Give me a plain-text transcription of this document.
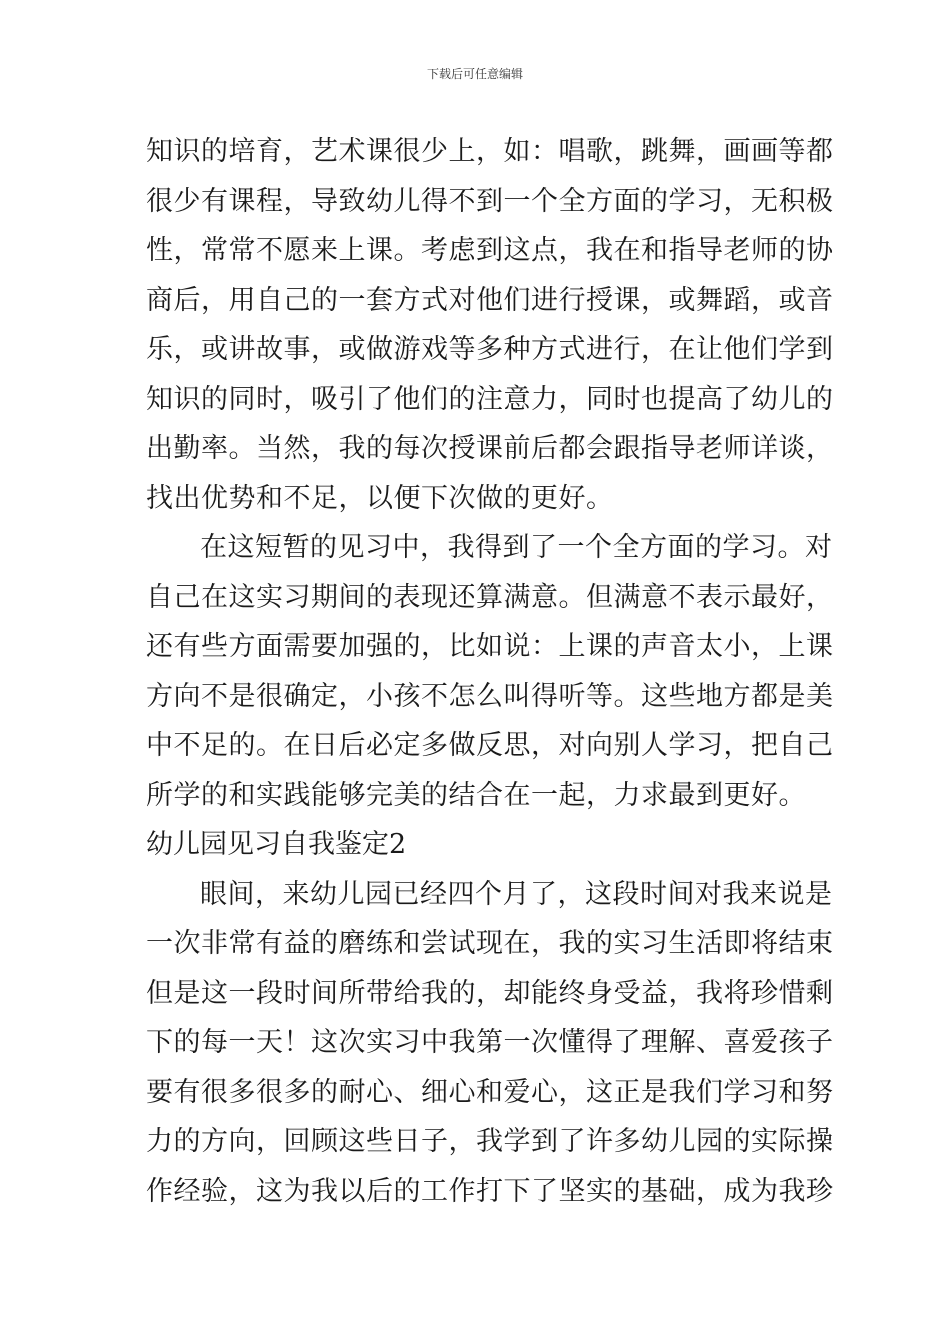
下载后可任意编辑
知识的培育，艺术课很少上，如：唱歌，跳舞，画画等都
很少有课程，导致幼儿得不到一个全方面的学习，无积极
性，常常不愿来上课。考虑到这点，我在和指导老师的协
商后，用自己的一套方式对他们进行授课，或舞蹈，或音
乐，或讲故事，或做游戏等多种方式进行，在让他们学到
知识的同时，吸引了他们的注意力，同时也提高了幼儿的
出勤率。当然，我的每次授课前后都会跟指导老师详谈，
找出优势和不足，以便下次做的更好。
在这短暂的见习中，我得到了一个全方面的学习。对
自己在这实习期间的表现还算满意。但满意不表示最好，
还有些方面需要加强的，比如说：上课的声音太小，上课
方向不是很确定，小孩不怎么叫得听等。这些地方都是美
中不足的。在日后必定多做反思，对向别人学习，把自己
所学的和实践能够完美的结合在一起，力求最到更好。
幼儿园见习自我鉴定2
眼间，来幼儿园已经四个月了，这段时间对我来说是
一次非常有益的磨练和尝试现在，我的实习生活即将结束
但是这一段时间所带给我的，却能终身受益，我将珍惜剩
下的每一天！这次实习中我第一次懂得了理解、喜爱孩子
要有很多很多的耐心、细心和爱心，这正是我们学习和努
力的方向，回顾这些日子，我学到了许多幼儿园的实际操
作经验，这为我以后的工作打下了坚实的基础，成为我珍
